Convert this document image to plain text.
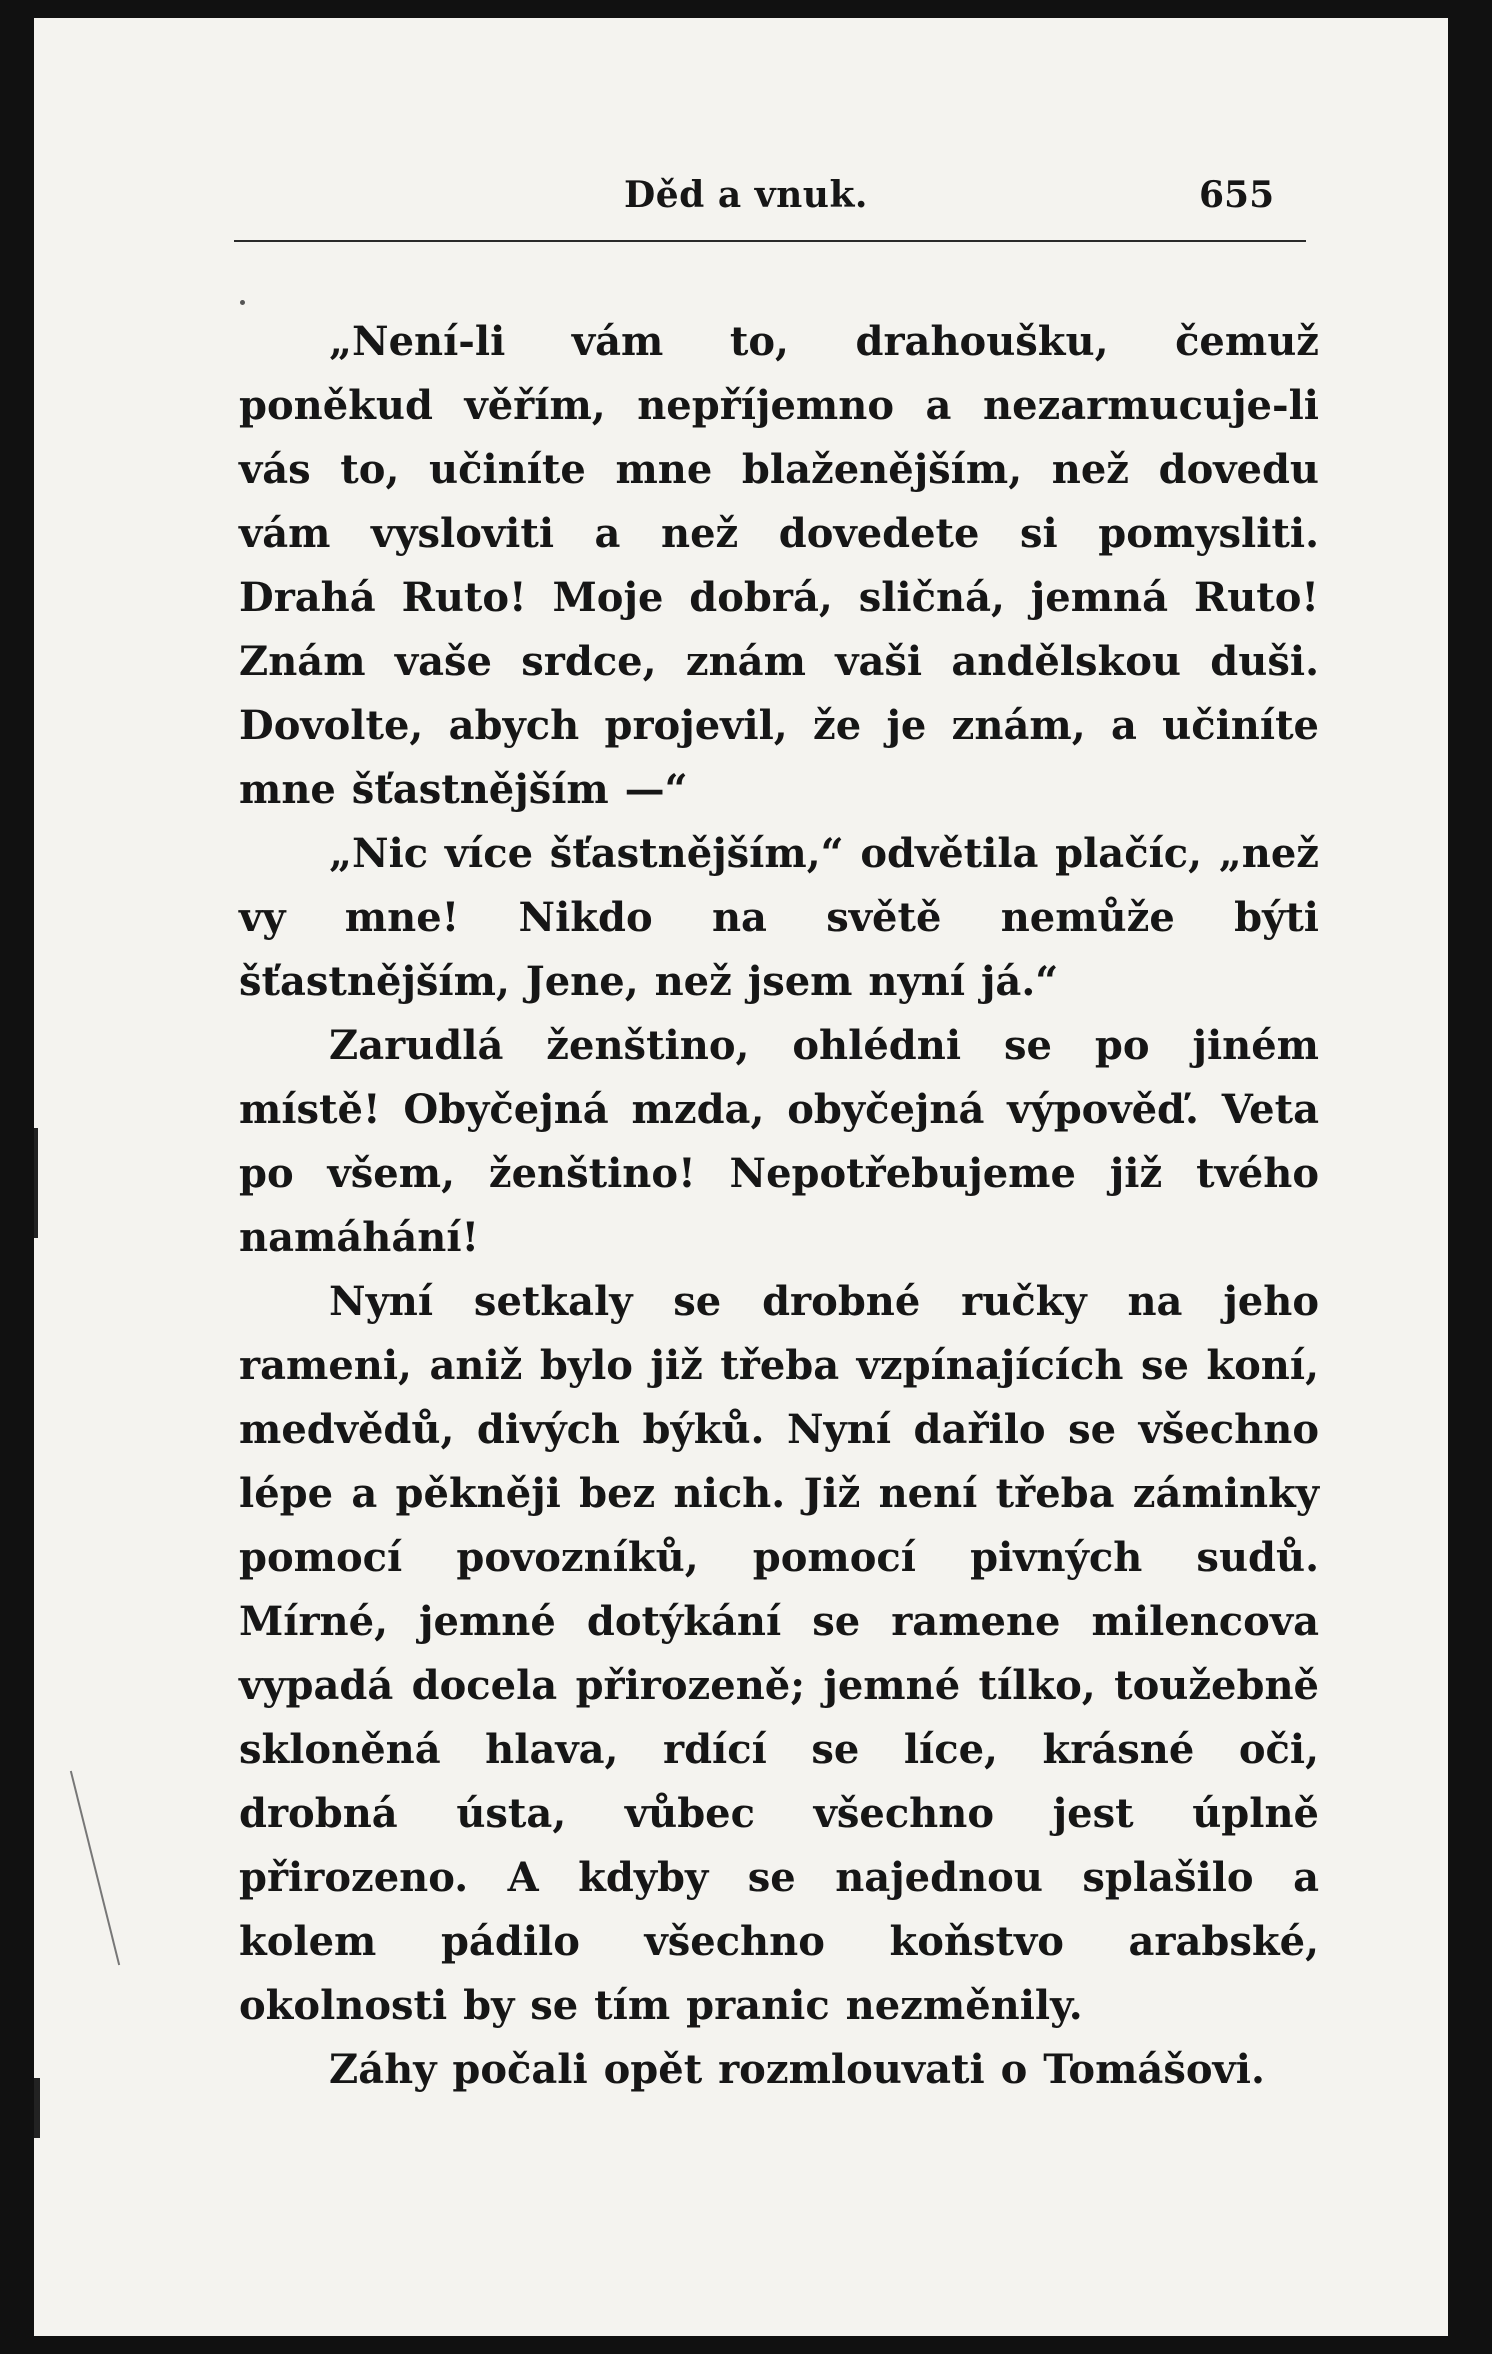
Děd a vnuk.	655

„Není-li vám to, drahoušku, čemuž poněkud věřím, nepříjemno a nezarmucuje-li vás to, učiníte mne blaženějším, než dovedu vám vysloviti a než dovedete si pomysliti. Drahá Ruto! Moje dobrá, sličná, jemná Ruto! Znám vaše srdce, znám vaši andělskou duši. Dovolte, abych projevil, že je znám, a učiníte mne šťastnějším —“

„Nic více šťastnějším,“ odvětila plačíc, „než vy mne! Nikdo na světě nemůže býti šťastnějším, Jene, než jsem nyní já.“

Zarudlá ženštino, ohlédni se po jiném místě! Obyčejná mzda, obyčejná výpověď. Veta po všem, ženštino! Nepotřebujeme již tvého namáhání!

Nyní setkaly se drobné ručky na jeho rameni, aniž bylo již třeba vzpínajících se koní, medvědů, divých býků. Nyní dařilo se všechno lépe a pěkněji bez nich. Již není třeba záminky pomocí povozníků, pomocí pivných sudů. Mírné, jemné dotýkání se ramene milencova vypadá docela přirozeně; jemné tílko, toužebně skloněná hlava, rdící se líce, krásné oči, drobná ústa, vůbec všechno jest úplně přirozeno. A kdyby se najednou splašilo a kolem pádilo všechno koňstvo arabské, okolnosti by se tím pranic nezměnily.

Záhy počali opět rozmlouvati o Tomášovi.
